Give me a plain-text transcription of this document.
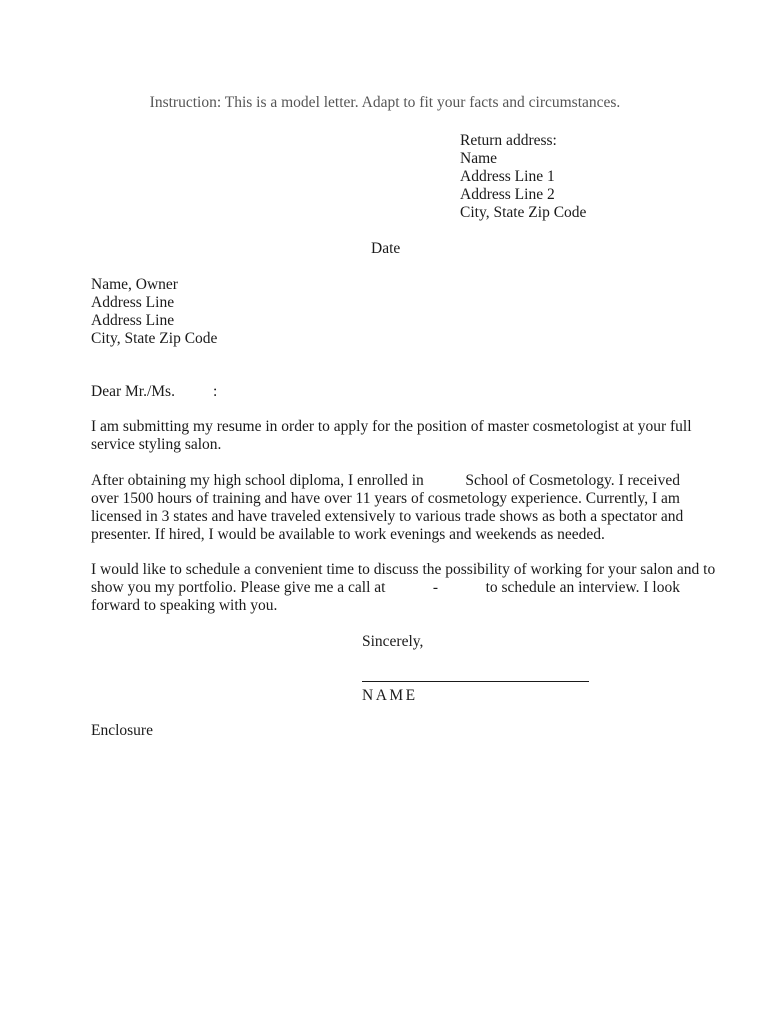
Instruction: This is a model letter. Adapt to fit your facts and circumstances.
Return address:
Name
Address Line 1
Address Line 2
City, State Zip Code
Date
Name, Owner
Address Line
Address Line
City, State Zip Code
Dear Mr./Ms. :
I am submitting my resume in order to apply for the position of master cosmetologist at your full
service styling salon.
After obtaining my high school diploma, I enrolled in	School of Cosmetology. I received
over 1500 hours of training and have over 11 years of cosmetology experience. Currently, I am
licensed in 3 states and have traveled extensively to various trade shows as both a spectator and
presenter. If hired, I would be available to work evenings and weekends as needed.
I would like to schedule a convenient time to discuss the possibility of working for your salon and to
show you my portfolio. Please give me a call at	-	to schedule an interview. I look
forward to speaking with you.
Sincerely,
NAME
Enclosure
